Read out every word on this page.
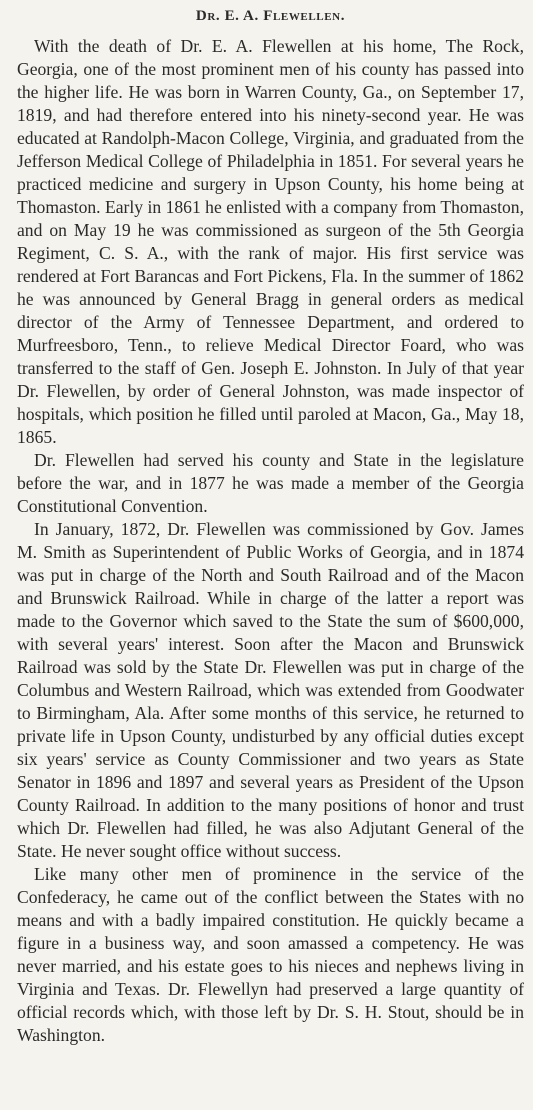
Dr. E. A. Flewellen.

With the death of Dr. E. A. Flewellen at his home, The Rock, Georgia, one of the most prominent men of his county has passed into the higher life. He was born in Warren County, Ga., on September 17, 1819, and had therefore entered into his ninety-second year. He was educated at Randolph-Macon College, Virginia, and graduated from the Jefferson Medical College of Philadelphia in 1851. For several years he practiced medicine and surgery in Upson County, his home being at Thomaston. Early in 1861 he enlisted with a company from Thomaston, and on May 19 he was commissioned as surgeon of the 5th Georgia Regiment, C. S. A., with the rank of major. His first service was rendered at Fort Barancas and Fort Pickens, Fla. In the summer of 1862 he was announced by General Bragg in general orders as medical director of the Army of Tennessee Department, and ordered to Murfreesboro, Tenn., to relieve Medical Director Foard, who was transferred to the staff of Gen. Joseph E. Johnston. In July of that year Dr. Flewellen, by order of General Johnston, was made inspector of hospitals, which position he filled until paroled at Macon, Ga., May 18, 1865.

Dr. Flewellen had served his county and State in the legislature before the war, and in 1877 he was made a member of the Georgia Constitutional Convention.

In January, 1872, Dr. Flewellen was commissioned by Gov. James M. Smith as Superintendent of Public Works of Georgia, and in 1874 was put in charge of the North and South Railroad and of the Macon and Brunswick Railroad. While in charge of the latter a report was made to the Governor which saved to the State the sum of $600,000, with several years' interest. Soon after the Macon and Brunswick Railroad was sold by the State Dr. Flewellen was put in charge of the Columbus and Western Railroad, which was extended from Goodwater to Birmingham, Ala. After some months of this service, he returned to private life in Upson County, undisturbed by any official duties except six years' service as County Commissioner and two years as State Senator in 1896 and 1897 and several years as President of the Upson County Railroad. In addition to the many positions of honor and trust which Dr. Flewellen had filled, he was also Adjutant General of the State. He never sought office without success.

Like many other men of prominence in the service of the Confederacy, he came out of the conflict between the States with no means and with a badly impaired constitution. He quickly became a figure in a business way, and soon amassed a competency. He was never married, and his estate goes to his nieces and nephews living in Virginia and Texas. Dr. Flewellyn had preserved a large quantity of official records which, with those left by Dr. S. H. Stout, should be in Washington.
